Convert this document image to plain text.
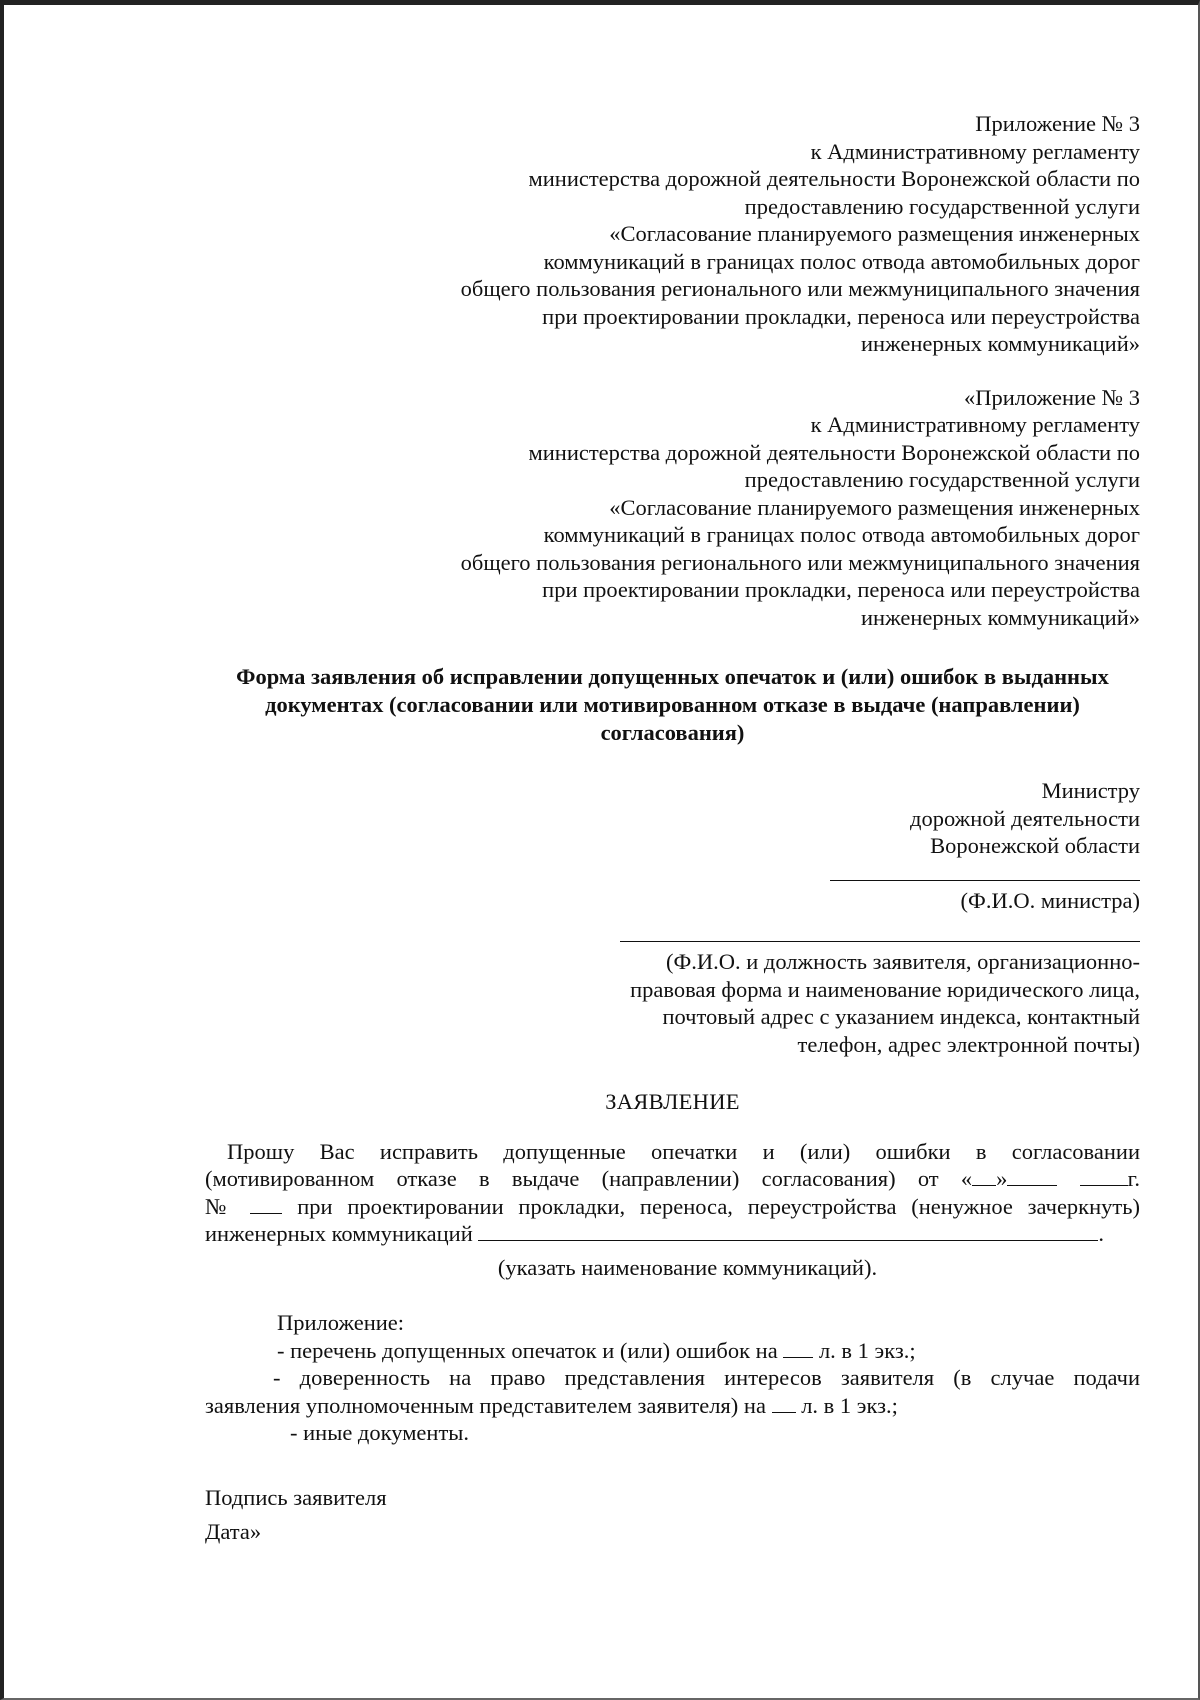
Приложение № 3
к Административному регламенту
министерства дорожной деятельности Воронежской области по
предоставлению государственной услуги
«Согласование планируемого размещения инженерных
коммуникаций в границах полос отвода автомобильных дорог
общего пользования регионального или межмуниципального значения
при проектировании прокладки, переноса или переустройства
инженерных коммуникаций»
«Приложение № 3
к Административному регламенту
министерства дорожной деятельности Воронежской области по
предоставлению государственной услуги
«Согласование планируемого размещения инженерных
коммуникаций в границах полос отвода автомобильных дорог
общего пользования регионального или межмуниципального значения
при проектировании прокладки, переноса или переустройства
инженерных коммуникаций»
Форма заявления об исправлении допущенных опечаток и (или) ошибок в выданных
документах (согласовании или мотивированном отказе в выдаче (направлении)
согласования)
Министру
дорожной деятельности
Воронежской области
(Ф.И.О. министра)
(Ф.И.О. и должность заявителя, организационно-
правовая форма и наименование юридического лица,
почтовый адрес с указанием индекса, контактный
телефон, адрес электронной почты)
ЗАЯВЛЕНИЕ
Прошу Вас исправить допущенные опечатки и (или) ошибки в согласовании
(мотивированном отказе в выдаче (направлении) согласования) от « »	г.
№	при проектировании прокладки, переноса, переустройства (ненужное зачеркнуть)
инженерных коммуникаций	.
(указать наименование коммуникаций).
Приложение:
- перечень допущенных опечаток и (или) ошибок на л. в 1 экз.;
- доверенность на право представления интересов заявителя (в случае подачи
заявления уполномоченным представителем заявителя) на л. в 1 экз.;
- иные документы.
Подпись заявителя
Дата»
